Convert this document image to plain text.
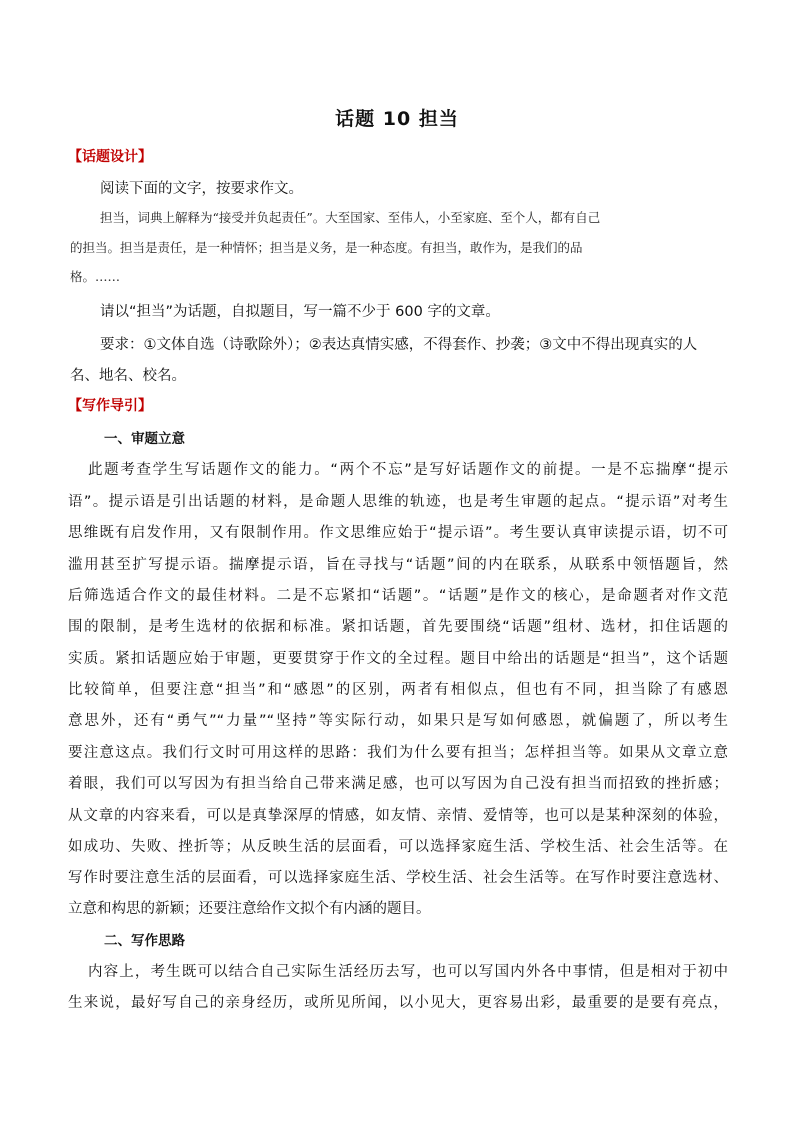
话题 10 担当
【话题设计】
阅读下面的文字，按要求作文。
担当，词典上解释为“接受并负起责任”。大至国家、至伟人，小至家庭、至个人，都有自己
的担当。担当是责任，是一种情怀；担当是义务，是一种态度。有担当，敢作为，是我们的品
格。……
请以“担当”为话题，自拟题目，写一篇不少于 600 字的文章。
要求：①文体自选（诗歌除外）；②表达真情实感，不得套作、抄袭；③文中不得出现真实的人
名、地名、校名。
【写作导引】
一、审题立意
此题考查学生写话题作文的能力。“两个不忘”是写好话题作文的前提。一是不忘揣摩“提示
语”。提示语是引出话题的材料，是命题人思维的轨迹，也是考生审题的起点。“提示语”对考生
思维既有启发作用，又有限制作用。作文思维应始于“提示语”。考生要认真审读提示语，切不可
滥用甚至扩写提示语。揣摩提示语，旨在寻找与“话题”间的内在联系，从联系中领悟题旨，然
后筛选适合作文的最佳材料。二是不忘紧扣“话题”。“话题”是作文的核心，是命题者对作文范
围的限制，是考生选材的依据和标准。紧扣话题，首先要围绕“话题”组材、选材，扣住话题的
实质。紧扣话题应始于审题，更要贯穿于作文的全过程。题目中给出的话题是“担当”，这个话题
比较简单，但要注意“担当”和“感恩”的区别，两者有相似点，但也有不同，担当除了有感恩
意思外，还有“勇气”“力量”“坚持”等实际行动，如果只是写如何感恩，就偏题了，所以考生
要注意这点。我们行文时可用这样的思路：我们为什么要有担当；怎样担当等。如果从文章立意
着眼，我们可以写因为有担当给自己带来满足感，也可以写因为自己没有担当而招致的挫折感；
从文章的内容来看，可以是真挚深厚的情感，如友情、亲情、爱情等，也可以是某种深刻的体验，
如成功、失败、挫折等；从反映生活的层面看，可以选择家庭生活、学校生活、社会生活等。在
写作时要注意生活的层面看，可以选择家庭生活、学校生活、社会生活等。在写作时要注意选材、
立意和构思的新颖；还要注意给作文拟个有内涵的题目。
二、写作思路
内容上，考生既可以结合自己实际生活经历去写，也可以写国内外各中事情，但是相对于初中
生来说，最好写自己的亲身经历，或所见所闻，以小见大，更容易出彩，最重要的是要有亮点，
